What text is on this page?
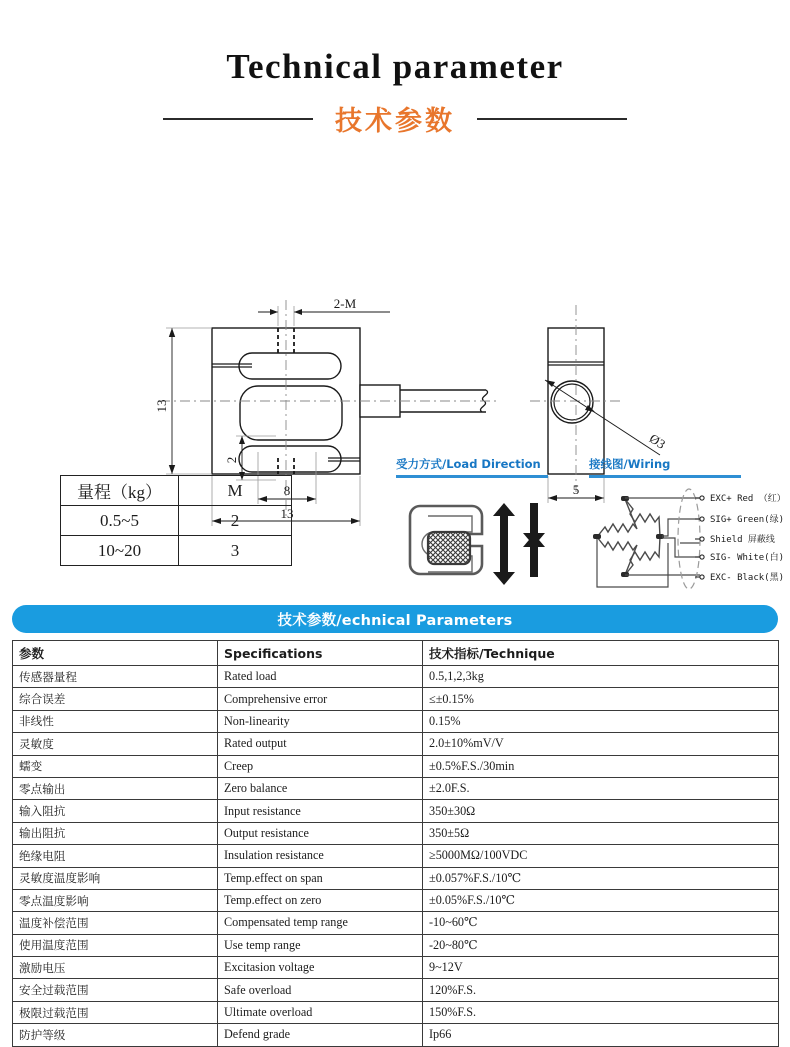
Technical parameter
技术参数
13
2
2-M
8
13
Ø3
5
量程（kg）	M
0.5~5	2
10~20	3
受力方式/Load Direction	接线图/Wiring
EXC+ Red （红）
SIG+ Green(绿)
Shield 屏蔽线
SIG- White(白)
EXC- Black(黑)
技术参数/echnical Parameters
参数	Specifications	技术指标/Technique
传感器量程	Rated load	0.5,1,2,3kg
综合误差	Comprehensive error	≤±0.15%
非线性	Non-linearity	0.15%
灵敏度	Rated output	2.0±10%mV/V
蠕变	Creep	±0.5%F.S./30min
零点输出	Zero balance	±2.0F.S.
输入阻抗	Input resistance	350±30Ω
输出阻抗	Output resistance	350±5Ω
绝缘电阻	Insulation resistance	≥5000MΩ/100VDC
灵敏度温度影响	Temp.effect on span	±0.057%F.S./10℃
零点温度影响	Temp.effect on zero	±0.05%F.S./10℃
温度补偿范围	Compensated temp range	-10~60℃
使用温度范围	Use temp range	-20~80℃
激励电压	Excitasion voltage	9~12V
安全过载范围	Safe overload	120%F.S.
极限过载范围	Ultimate overload	150%F.S.
防护等级	Defend grade	Ip66
